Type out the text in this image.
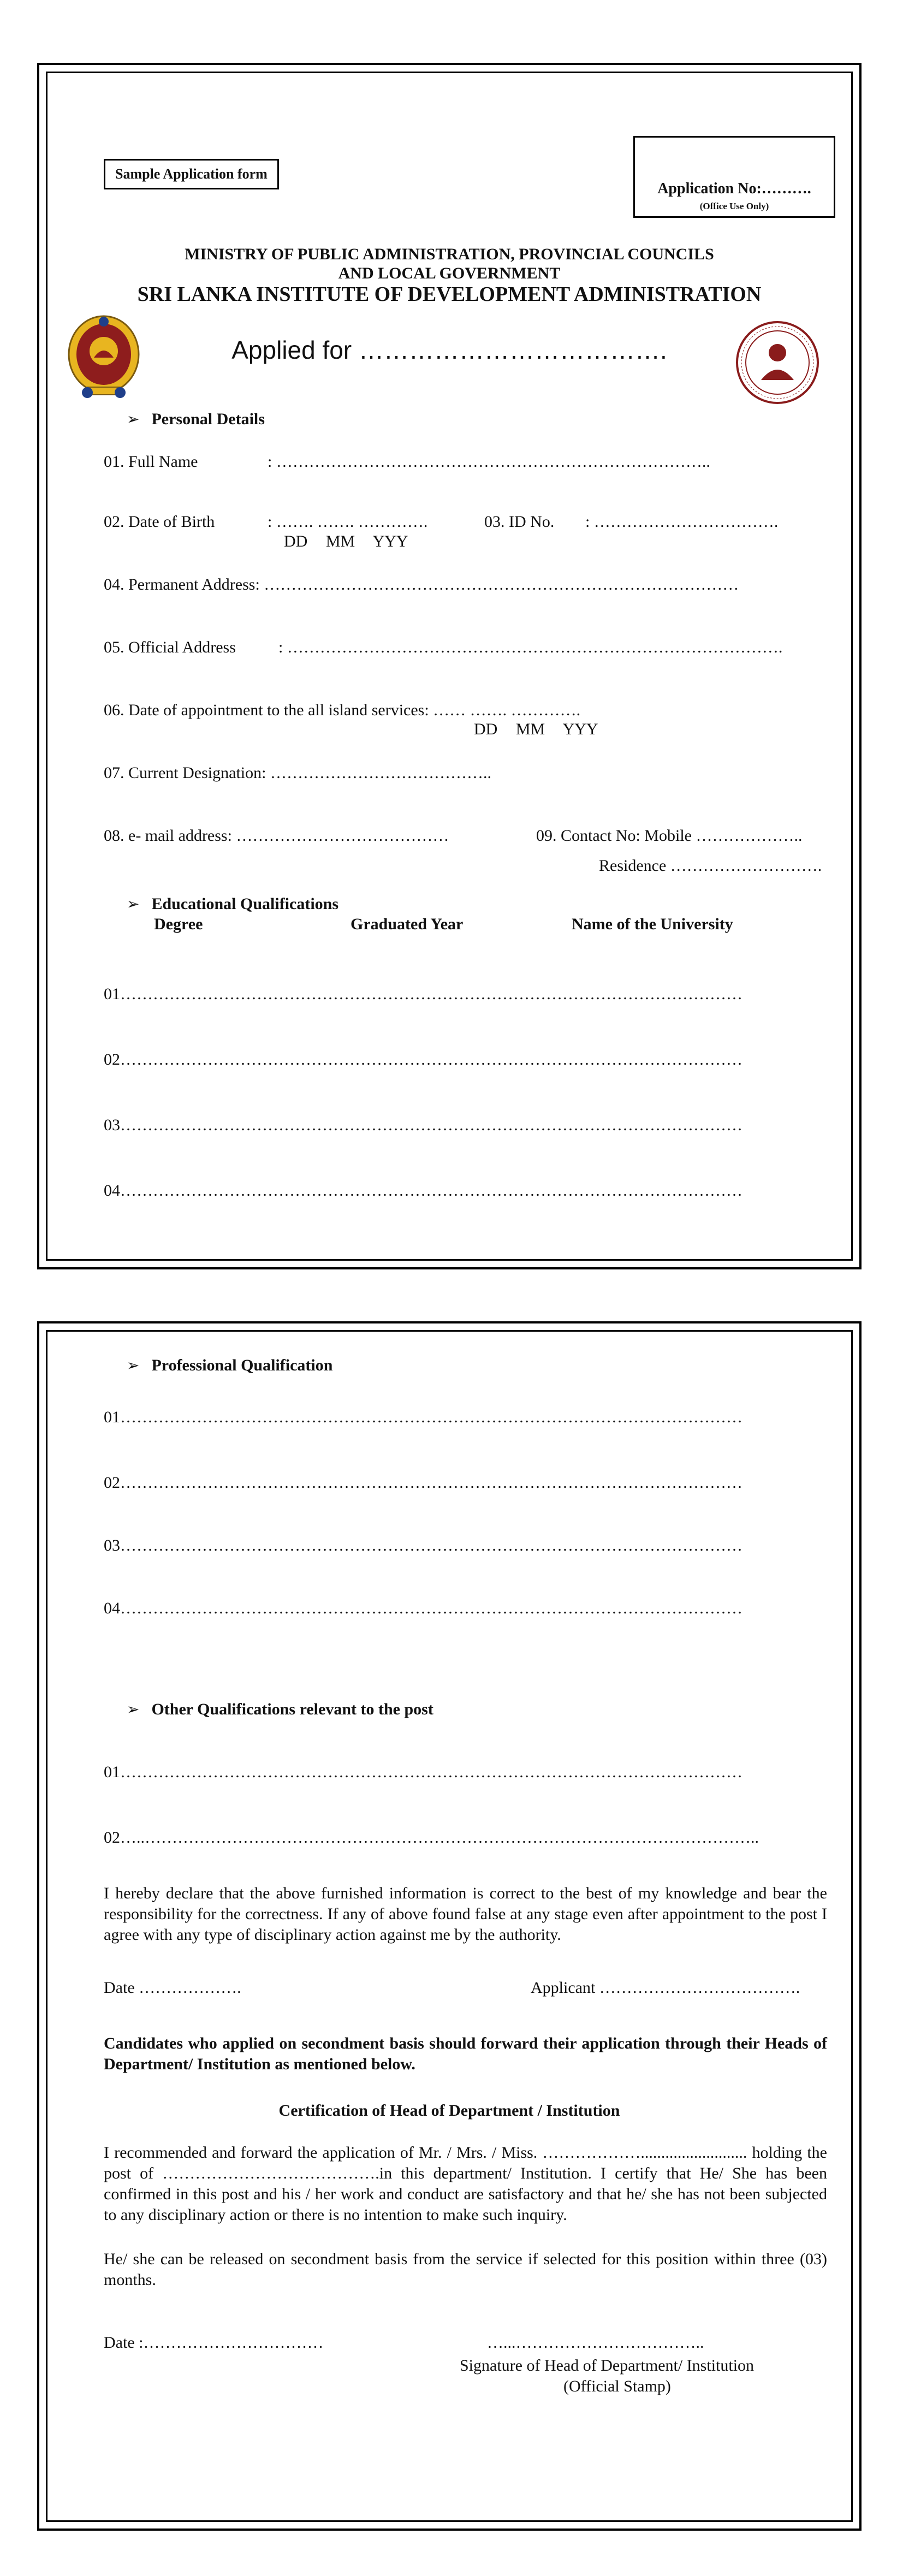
Sample Application form
Application No:……….
(Office Use Only)
MINISTRY OF PUBLIC ADMINISTRATION, PROVINCIAL COUNCILS
AND LOCAL GOVERNMENT
SRI LANKA INSTITUTE OF DEVELOPMENT ADMINISTRATION
Applied for ……………………………….
➢ Personal Details
01. Full Name	: ……………………………………………………………………..
02. Date of Birth	: ……. ……. ………….
DD MM YYY
03. ID No. : …………………………….
04. Permanent Address: ……………………………………………………………………………
05. Official Address	: ……………………………………………………………………………….
06. Date of appointment to the all island services: …… ……. ………….
DD MM YYY
07. Current Designation: …………………………………..
08. e- mail address: …………………………………	09. Contact No: Mobile ………………..
Residence ……………………….
➢ Educational Qualifications
Degree	Graduated Year	Name of the University
01……………………………………………………………………………………………………
02……………………………………………………………………………………………………
03……………………………………………………………………………………………………
04……………………………………………………………………………………………………
➢ Professional Qualification
01……………………………………………………………………………………………………
02……………………………………………………………………………………………………
03……………………………………………………………………………………………………
04……………………………………………………………………………………………………
➢ Other Qualifications relevant to the post
01……………………………………………………………………………………………………
02…..…………………………………………………………………………………………………..
I hereby declare that the above furnished information is correct to the best of my knowledge and bear the responsibility for the correctness. If any of above found false at any stage even after appointment to the post I agree with any type of disciplinary action against me by the authority.
Date ……………….	Applicant ……………………………….
Candidates who applied on secondment basis should forward their application through their Heads of Department/ Institution as mentioned below.
Certification of Head of Department / Institution
I recommended and forward the application of Mr. / Mrs. / Miss. ……………….......................... holding the post of ………………………………….in this department/ Institution. I certify that He/ She has been confirmed in this post and his / her work and conduct are satisfactory and that he/ she has not been subjected to any disciplinary action or there is no intention to make such inquiry.
He/ she can be released on secondment basis from the service if selected for this position within three (03) months.
Date :……………………………	…...……………………………..
Signature of Head of Department/ Institution
(Official Stamp)
